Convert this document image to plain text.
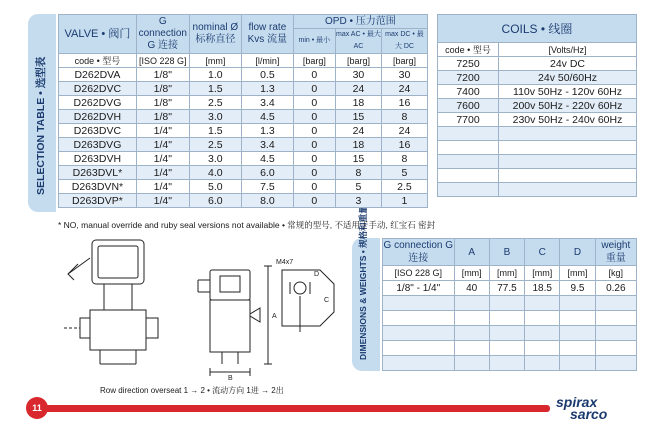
SELECTION TABLE • 选型表
DIMENSIONS & WEIGHTS • 规格和重量
VALVE • 阀门	G connection G 连接	nominal Ø 标称直径	flow rate Kvs 流量	OPD • 压力范围		
				min • 最小	max AC • 最大 AC	max DC • 最大 DC
code • 型号	[ISO 228 G]	[mm]	[l/min]	[barg]	[barg]	[barg]
D262DVA	1/8"	1.0	0.5	0	30	30
D262DVC	1/8"	1.5	1.3	0	24	24
D262DVG	1/8"	2.5	3.4	0	18	16
D262DVH	1/8"	3.0	4.5	0	15	8
D263DVC	1/4"	1.5	1.3	0	24	24
D263DVG	1/4"	2.5	3.4	0	18	16
D263DVH	1/4"	3.0	4.5	0	15	8
D263DVL*	1/4"	4.0	6.0	0	8	5
D263DVN*	1/4"	5.0	7.5	0	5	2.5
D263DVP*	1/4"	6.0	8.0	0	3	1
COILS • 线圈	
code • 型号	[Volts/Hz]
7250	24v DC
7200	24v 50/60Hz
7400	110v 50Hz - 120v 60Hz
7600	200v 50Hz - 220v 60Hz
7700	230v 50Hz - 240v 60Hz

* NO, manual override and ruby seal versions not available • 常规的型号, 不适用于手动, 红宝石 密封
M4x7
A
B
C
D
G connection G 连接	A	B	C	D	weight 重量
[ISO 228 G]	[mm]	[mm]	[mm]	[mm]	[kg]
1/8" - 1/4"	40	77.5	18.5	9.5	0.26

Row direction overseat 1 → 2 • 流动方向 1进 → 2出
11	spirax
sarco
